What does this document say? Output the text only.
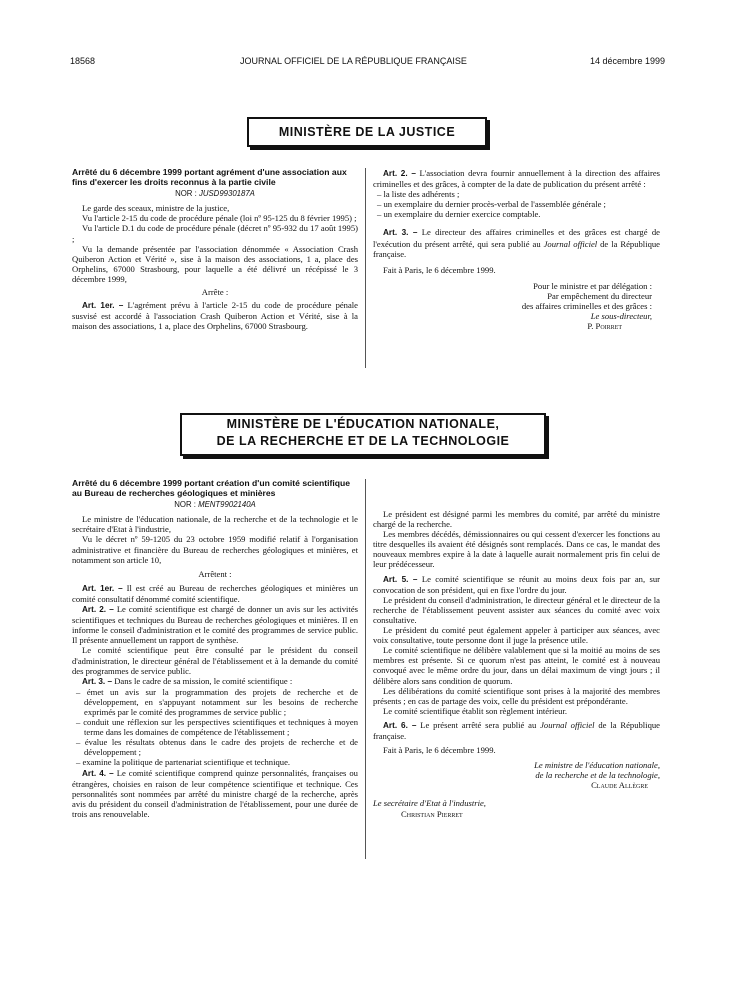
18568	JOURNAL OFFICIEL DE LA RÉPUBLIQUE FRANÇAISE	14 décembre 1999
MINISTÈRE DE LA JUSTICE
Arrêté du 6 décembre 1999 portant agrément d'une association aux fins d'exercer les droits reconnus à la partie civile
NOR : JUSD9930187A

Le garde des sceaux, ministre de la justice,

Vu l'article 2-15 du code de procédure pénale (loi nº 95-125 du 8 février 1995) ;

Vu l'article D.1 du code de procédure pénale (décret nº 95-932 du 17 août 1995) ;

Vu la demande présentée par l'association dénommée « Association Crash Quiberon Action et Vérité », sise à la maison des associations, 1 a, place des Orphelins, 67000 Strasbourg, pour laquelle a été délivré un récépissé le 3 décembre 1999,

Arrête :

Art. 1er. – L'agrément prévu à l'article 2-15 du code de procédure pénale susvisé est accordé à l'association Crash Quiberon Action et Vérité, sise à la maison des associations, 1 a, place des Orphelins, 67000 Strasbourg.

Art. 2. – L'association devra fournir annuellement à la direction des affaires criminelles et des grâces, à compter de la date de publication du présent arrêté :

– la liste des adhérents ;
– un exemplaire du dernier procès-verbal de l'assemblée générale ;
– un exemplaire du dernier exercice comptable.

Art. 3. – Le directeur des affaires criminelles et des grâces est chargé de l'exécution du présent arrêté, qui sera publié au Journal officiel de la République française.

Fait à Paris, le 6 décembre 1999.

Pour le ministre et par délégation :
Par empêchement du directeur
des affaires criminelles et des grâces :
Le sous-directeur,
P. Poirret
MINISTÈRE DE L'ÉDUCATION NATIONALE,
DE LA RECHERCHE ET DE LA TECHNOLOGIE
Arrêté du 6 décembre 1999 portant création d'un comité scientifique au Bureau de recherches géologiques et minières
NOR : MENT9902140A

Le ministre de l'éducation nationale, de la recherche et de la technologie et le secrétaire d'Etat à l'industrie,

Vu le décret nº 59-1205 du 23 octobre 1959 modifié relatif à l'organisation administrative et financière du Bureau de recherches géologiques et minières, et notamment son article 10,

Arrêtent :

Art. 1er. – Il est créé au Bureau de recherches géologiques et minières un comité consultatif dénommé comité scientifique.

Art. 2. – Le comité scientifique est chargé de donner un avis sur les activités scientifiques et techniques du Bureau de recherches géologiques et minières. Il en informe le conseil d'administration et le comité des programmes de service public. Il présente annuellement un rapport de synthèse.

Le comité scientifique peut être consulté par le président du conseil d'administration, le directeur général de l'établissement et à la demande du comité des programmes de service public.

Art. 3. – Dans le cadre de sa mission, le comité scientifique :

– émet un avis sur la programmation des projets de recherche et de développement, en s'appuyant notamment sur les besoins de recherche exprimés par le comité des programmes de service public ;
– conduit une réflexion sur les perspectives scientifiques et techniques à moyen terme dans les domaines de compétence de l'établissement ;
– évalue les résultats obtenus dans le cadre des projets de recherche et de développement ;
– examine la politique de partenariat scientifique et technique.

Art. 4. – Le comité scientifique comprend quinze personnalités, françaises ou étrangères, choisies en raison de leur compétence scientifique et technique. Ces personnalités sont nommées par arrêté du ministre chargé de la recherche, après avis du président du conseil d'administration de l'établissement, pour une durée de trois ans renouvelable.

Le président est désigné parmi les membres du comité, par arrêté du ministre chargé de la recherche.

Les membres décédés, démissionnaires ou qui cessent d'exercer les fonctions au titre desquelles ils avaient été désignés sont remplacés. Dans ce cas, le mandat des nouveaux membres expire à la date à laquelle aurait normalement pris fin celui de leur prédécesseur.

Art. 5. – Le comité scientifique se réunit au moins deux fois par an, sur convocation de son président, qui en fixe l'ordre du jour.

Le président du conseil d'administration, le directeur général et le directeur de la recherche de l'établissement peuvent assister aux séances du comité avec voix consultative.

Le président du comité peut également appeler à participer aux séances, avec voix consultative, toute personne dont il juge la présence utile.

Le comité scientifique ne délibère valablement que si la moitié au moins de ses membres est présente. Si ce quorum n'est pas atteint, le comité est à nouveau convoqué avec le même ordre du jour, dans un délai maximum de vingt jours ; il délibère alors sans condition de quorum.

Les délibérations du comité scientifique sont prises à la majorité des membres présents ; en cas de partage des voix, celle du président est prépondérante.

Le comité scientifique établit son règlement intérieur.

Art. 6. – Le présent arrêté sera publié au Journal officiel de la République française.

Fait à Paris, le 6 décembre 1999.

Le ministre de l'éducation nationale,
de la recherche et de la technologie,
Claude Allègre
Le secrétaire d'Etat à l'industrie,
Christian Pierret
